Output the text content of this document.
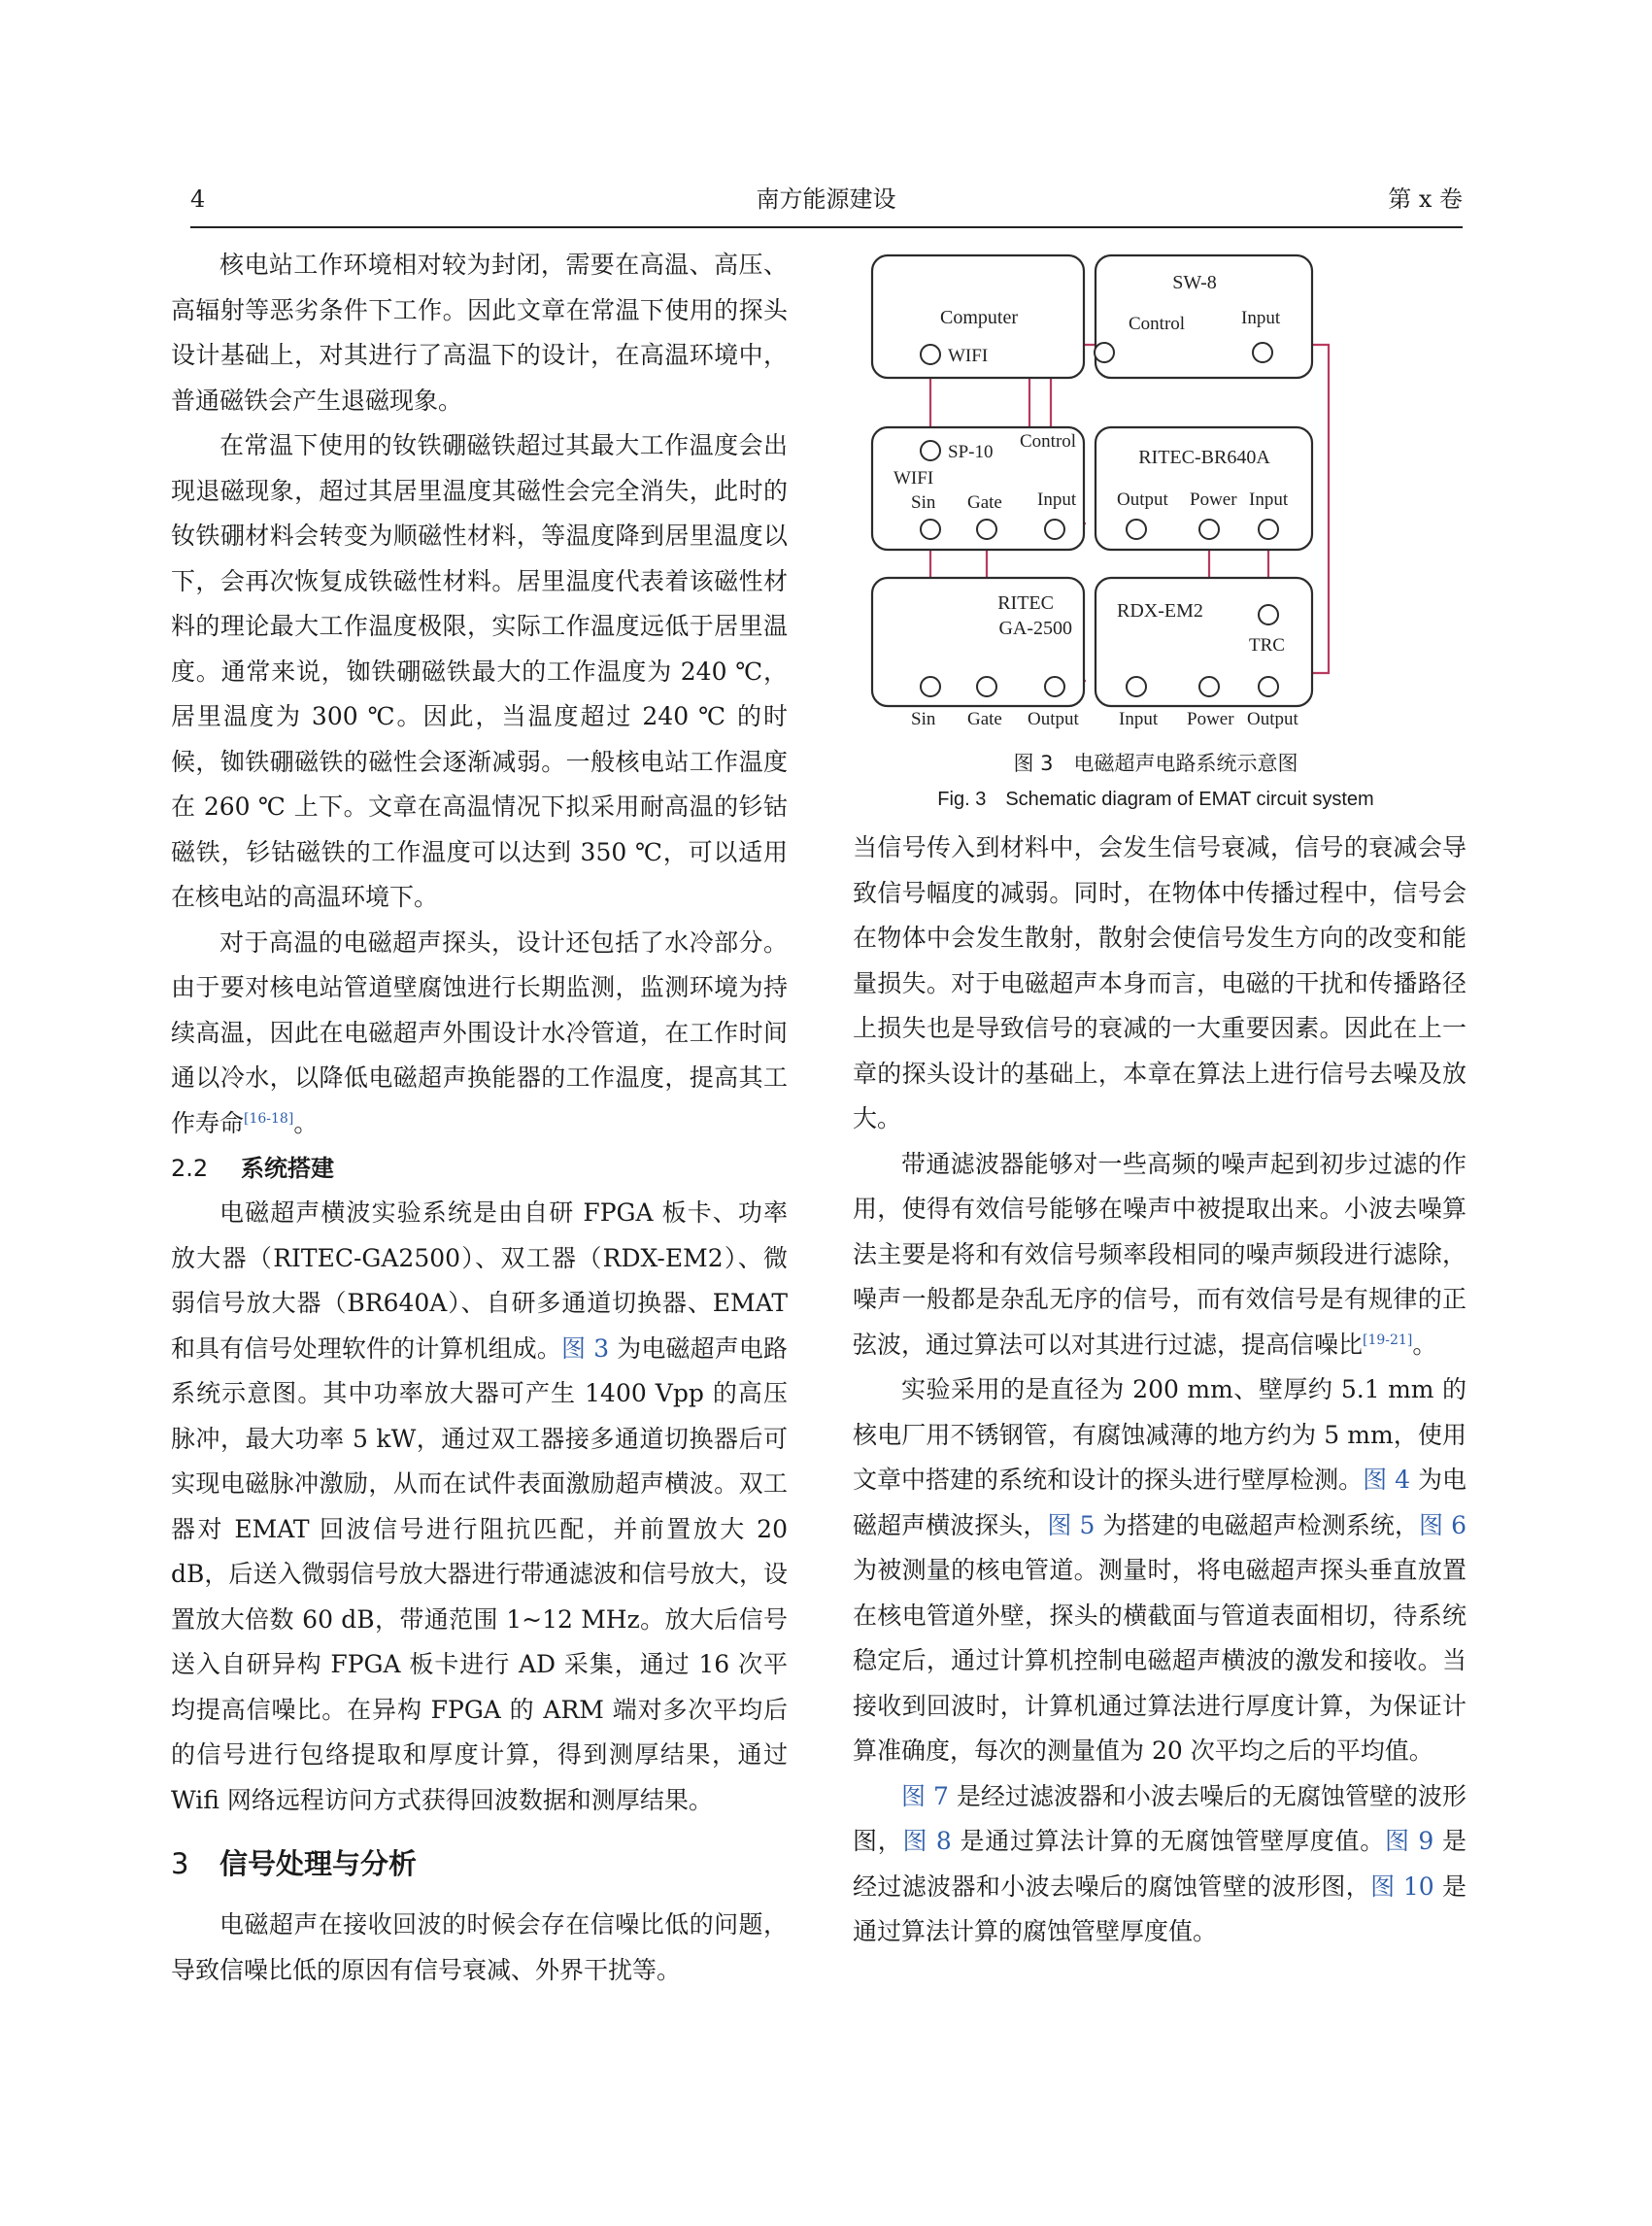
4	南方能源建设	第 x 卷

核电站工作环境相对较为封闭，需要在高温、高压、高辐射等恶劣条件下工作。因此文章在常温下使用的探头设计基础上，对其进行了高温下的设计，在高温环境中，普通磁铁会产生退磁现象。

在常温下使用的钕铁硼磁铁超过其最大工作温度会出现退磁现象，超过其居里温度其磁性会完全消失，此时的钕铁硼材料会转变为顺磁性材料，等温度降到居里温度以下，会再次恢复成铁磁性材料。居里温度代表着该磁性材料的理论最大工作温度极限，实际工作温度远低于居里温度。通常来说，铷铁硼磁铁最大的工作温度为 240 ℃，居里温度为 300 ℃。因此，当温度超过 240 ℃ 的时候，铷铁硼磁铁的磁性会逐渐减弱。一般核电站工作温度在 260 ℃ 上下。文章在高温情况下拟采用耐高温的钐钴磁铁，钐钴磁铁的工作温度可以达到 350 ℃，可以适用在核电站的高温环境下。

对于高温的电磁超声探头，设计还包括了水冷部分。由于要对核电站管道壁腐蚀进行长期监测，监测环境为持续高温，因此在电磁超声外围设计水冷管道，在工作时间通以冷水，以降低电磁超声换能器的工作温度，提高其工作寿命[16-18]。

2.2 系统搭建

电磁超声横波实验系统是由自研 FPGA 板卡、功率放大器（RITEC-GA2500）、双工器（RDX-EM2）、微弱信号放大器（BR640A）、自研多通道切换器、EMAT 和具有信号处理软件的计算机组成。图 3 为电磁超声电路系统示意图。其中功率放大器可产生 1400 Vpp 的高压脉冲，最大功率 5 kW，通过双工器接多通道切换器后可实现电磁脉冲激励，从而在试件表面激励超声横波。双工器对 EMAT 回波信号进行阻抗匹配，并前置放大 20 dB，后送入微弱信号放大器进行带通滤波和信号放大，设置放大倍数 60 dB，带通范围 1~12 MHz。放大后信号送入自研异构 FPGA 板卡进行 AD 采集，通过 16 次平均提高信噪比。在异构 FPGA 的 ARM 端对多次平均后的信号进行包络提取和厚度计算，得到测厚结果，通过 Wifi 网络远程访问方式获得回波数据和测厚结果。

3 信号处理与分析

电磁超声在接收回波的时候会存在信噪比低的问题，导致信噪比低的原因有信号衰减、外界干扰等。

Computer
WIFI
SW-8
Control	Input
SP-10
Control
WIFI
Sin Gate Input
RITEC-BR640A
Output Power Input
RITEC
GA-2500
Sin Gate Output
RDX-EM2
TRC
Input Power Output
图 3　电磁超声电路系统示意图
Fig. 3　Schematic diagram of EMAT circuit system

当信号传入到材料中，会发生信号衰减，信号的衰减会导致信号幅度的减弱。同时，在物体中传播过程中，信号会在物体中会发生散射，散射会使信号发生方向的改变和能量损失。对于电磁超声本身而言，电磁的干扰和传播路径上损失也是导致信号的衰减的一大重要因素。因此在上一章的探头设计的基础上，本章在算法上进行信号去噪及放大。

带通滤波器能够对一些高频的噪声起到初步过滤的作用，使得有效信号能够在噪声中被提取出来。小波去噪算法主要是将和有效信号频率段相同的噪声频段进行滤除，噪声一般都是杂乱无序的信号，而有效信号是有规律的正弦波，通过算法可以对其进行过滤，提高信噪比[19-21]。

实验采用的是直径为 200 mm、壁厚约 5.1 mm 的核电厂用不锈钢管，有腐蚀减薄的地方约为 5 mm，使用文章中搭建的系统和设计的探头进行壁厚检测。图 4 为电磁超声横波探头，图 5 为搭建的电磁超声检测系统，图 6 为被测量的核电管道。测量时，将电磁超声探头垂直放置在核电管道外壁，探头的横截面与管道表面相切，待系统稳定后，通过计算机控制电磁超声横波的激发和接收。当接收到回波时，计算机通过算法进行厚度计算，为保证计算准确度，每次的测量值为 20 次平均之后的平均值。

图 7 是经过滤波器和小波去噪后的无腐蚀管壁的波形图，图 8 是通过算法计算的无腐蚀管壁厚度值。图 9 是经过滤波器和小波去噪后的腐蚀管壁的波形图，图 10 是通过算法计算的腐蚀管壁厚度值。
